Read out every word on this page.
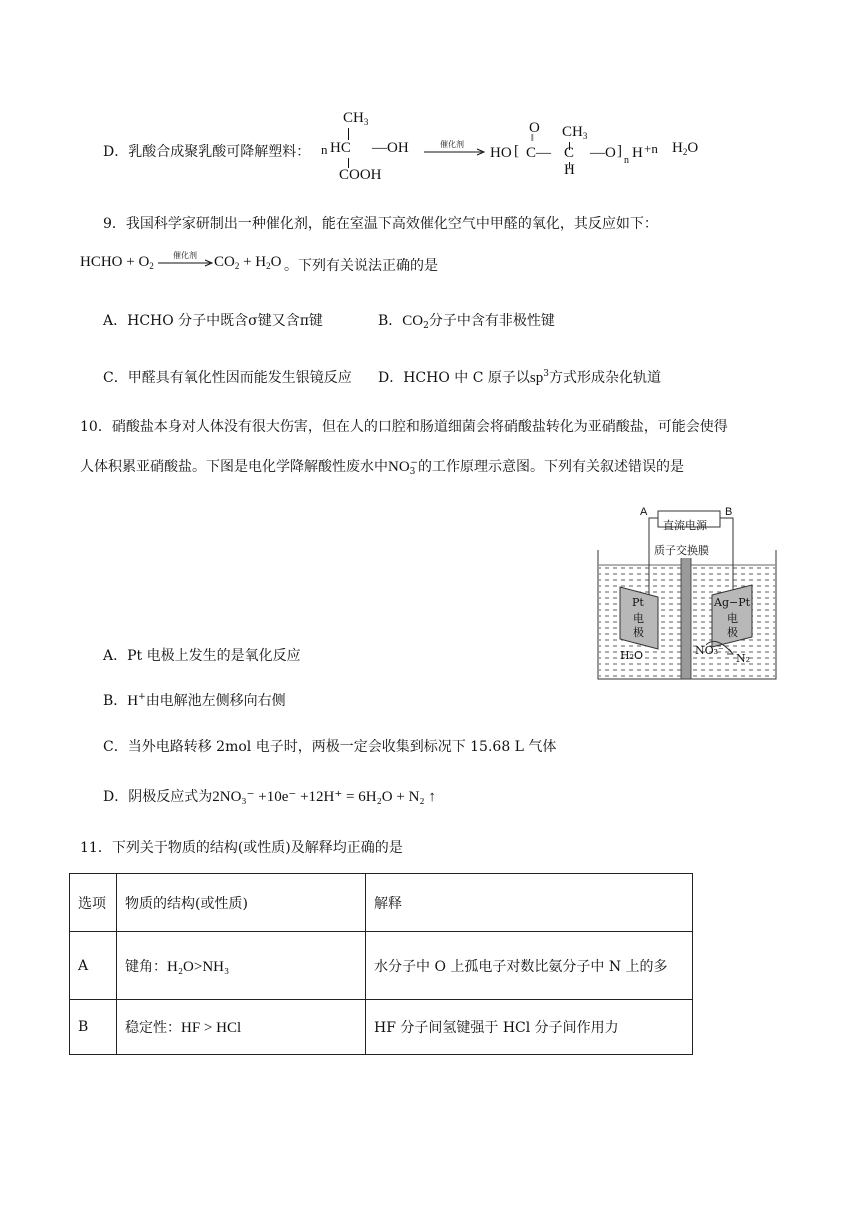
D．乳酸合成聚乳酸可降解塑料： n
$CH_3$
HC —OH
COOH
催化剂
O
‖
HO [ C—
$CH_3$
C
H
—O ]
n H +n $H_2O$
9．我国科学家研制出一种催化剂，能在室温下高效催化空气中甲醛的氧化，其反应如下：
HCHO + $O_2$
催化剂 $CO_2 + H_2O$ 。下列有关说法正确的是
A．HCHO 分子中既含σ键又含π键	B．$CO_2$分子中含有非极性键
C．甲醛具有氧化性因而能发生银镜反应 D．HCHO 中 C 原子以$sp^3$方式形成杂化轨道
10．硝酸盐本身对人体没有很大伤害，但在人的口腔和肠道细菌会将硝酸盐转化为亚硝酸盐，可能会使得
人体积累亚硝酸盐。下图是电化学降解酸性废水中$NO_3^-$的工作原理示意图。下列有关叙述错误的是
A	B
直流电源
质子交换膜
Pt
电
极
Ag−Pt
电
极
H₂O	NO₃⁻
N₂
A．Pt 电极上发生的是氧化反应
B．H+由电解池左侧移向右侧
C．当外电路转移 2mol 电子时，两极一定会收集到标况下 15.68 L 气体
D．阴极反应式为2NO₃⁻ +10e⁻ +12H⁺ = 6H₂O + N₂ ↑
11．下列关于物质的结构(或性质)及解释均正确的是
选项	物质的结构(或性质)	解释
A	键角：H₂O>NH₃	水分子中 O 上孤电子对数比氨分子中 N 上的多
B	稳定性：HF > HCl	HF 分子间氢键强于 HCl 分子间作用力
